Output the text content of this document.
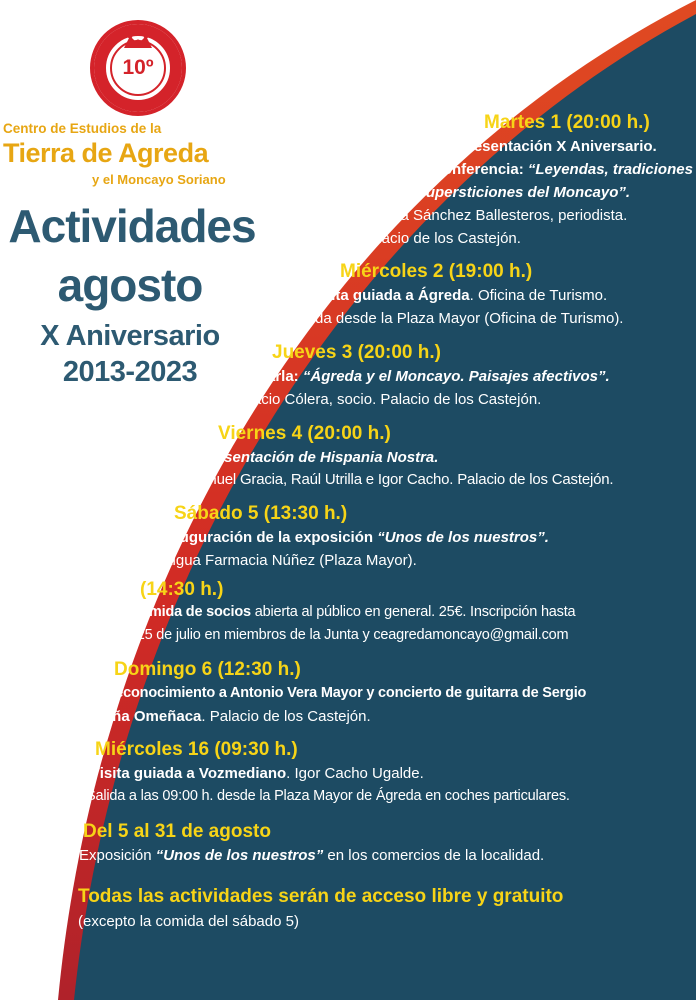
10º
Centro de Estudios de la
Tierra de Agreda
y el Moncayo Soriano
Actividades
agosto
X Aniversario
2013-2023
Martes 1 (20:00 h.)
Presentación X Aniversario.
Conferencia: “Leyendas, tradiciones
y supersticiones del Moncayo”.
Eva Sánchez Ballesteros, periodista.
Palacio de los Castejón.
Miércoles 2 (19:00 h.)
Visita guiada a Ágreda. Oficina de Turismo.
Salida desde la Plaza Mayor (Oficina de Turismo).
Jueves 3 (20:00 h.)
Charla: “Ágreda y el Moncayo. Paisajes afectivos”.
Ignacio Cólera, socio. Palacio de los Castejón.
Viernes 4 (20:00 h.)
Presentación de Hispania Nostra.
Manuel Gracia, Raúl Utrilla e Igor Cacho. Palacio de los Castejón.
Sábado 5 (13:30 h.)
Inauguración de la exposición “Unos de los nuestros”.
Antigua Farmacia Núñez (Plaza Mayor).
(14:30 h.)
Comida de socios abierta al público en general. 25€. Inscripción hasta
el 25 de julio en miembros de la Junta y ceagredamoncayo@gmail.com
Domingo 6 (12:30 h.)
Reconocimiento a Antonio Vera Mayor y concierto de guitarra de Sergio
Piña Omeñaca. Palacio de los Castejón.
Miércoles 16 (09:30 h.)
Visita guiada a Vozmediano. Igor Cacho Ugalde.
Salida a las 09:00 h. desde la Plaza Mayor de Ágreda en coches particulares.
Del 5 al 31 de agosto
Exposición “Unos de los nuestros” en los comercios de la localidad.
Todas las actividades serán de acceso libre y gratuito
(excepto la comida del sábado 5)
